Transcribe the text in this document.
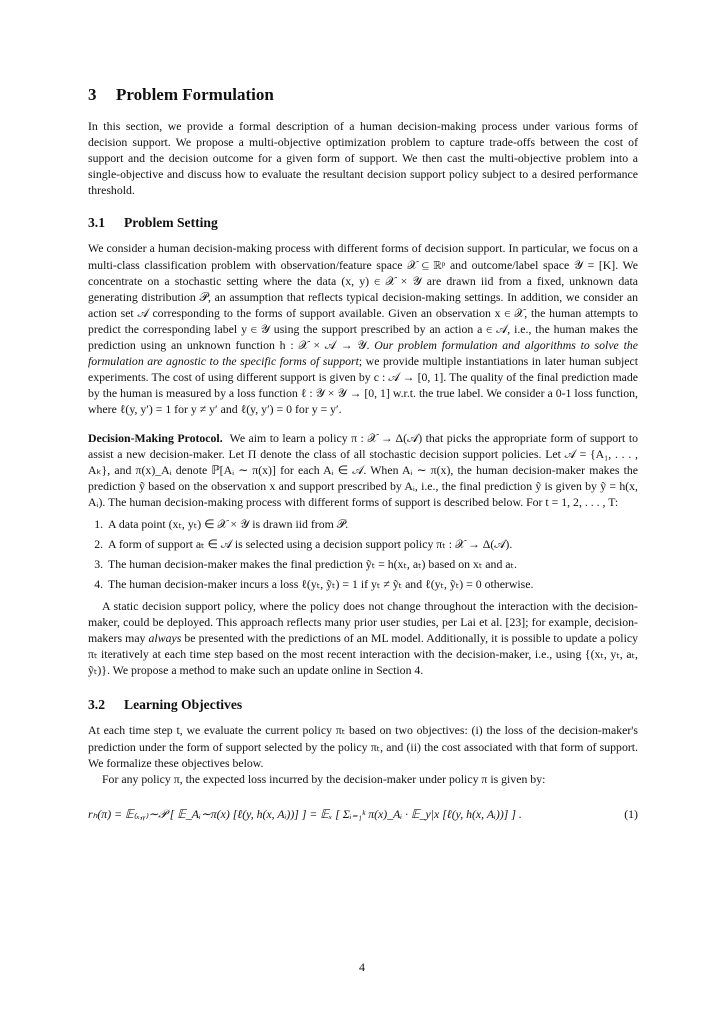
3 Problem Formulation

In this section, we provide a formal description of a human decision-making process under various forms of decision support. We propose a multi-objective optimization problem to capture trade-offs between the cost of support and the decision outcome for a given form of support. We then cast the multi-objective problem into a single-objective and discuss how to evaluate the resultant decision support policy subject to a desired performance threshold.

3.1 Problem Setting

We consider a human decision-making process with different forms of decision support. In particular, we focus on a multi-class classification problem with observation/feature space 𝒳 ⊆ ℝᵖ and outcome/label space 𝒴 = [K]. We concentrate on a stochastic setting where the data (x, y) ∈ 𝒳 × 𝒴 are drawn iid from a fixed, unknown data generating distribution 𝒫, an assumption that reflects typical decision-making settings. In addition, we consider an action set 𝒜 corresponding to the forms of support available. Given an observation x ∈ 𝒳, the human attempts to predict the corresponding label y ∈ 𝒴 using the support prescribed by an action a ∈ 𝒜, i.e., the human makes the prediction using an unknown function h : 𝒳 × 𝒜 → 𝒴. Our problem formulation and algorithms to solve the formulation are agnostic to the specific forms of support; we provide multiple instantiations in later human subject experiments. The cost of using different support is given by c : 𝒜 → [0, 1]. The quality of the final prediction made by the human is measured by a loss function ℓ : 𝒴 × 𝒴 → [0, 1] w.r.t. the true label. We consider a 0-1 loss function, where ℓ(y, y′) = 1 for y ≠ y′ and ℓ(y, y′) = 0 for y = y′.

Decision-Making Protocol. We aim to learn a policy π : 𝒳 → Δ(𝒜) that picks the appropriate form of support to assist a new decision-maker. Let Π denote the class of all stochastic decision support policies. Let 𝒜 = {A₁, . . . , Aₖ}, and π(x)_Aᵢ denote ℙ[Aᵢ ∼ π(x)] for each Aᵢ ∈ 𝒜. When Aᵢ ∼ π(x), the human decision-maker makes the prediction ỹ based on the observation x and support prescribed by Aᵢ, i.e., the final prediction ỹ is given by ỹ = h(x, Aᵢ). The human decision-making process with different forms of support is described below. For t = 1, 2, . . . , T:

1. A data point (xₜ, yₜ) ∈ 𝒳 × 𝒴 is drawn iid from 𝒫.
2. A form of support aₜ ∈ 𝒜 is selected using a decision support policy πₜ : 𝒳 → Δ(𝒜).
3. The human decision-maker makes the final prediction ỹₜ = h(xₜ, aₜ) based on xₜ and aₜ.
4. The human decision-maker incurs a loss ℓ(yₜ, ỹₜ) = 1 if yₜ ≠ ỹₜ and ℓ(yₜ, ỹₜ) = 0 otherwise.

A static decision support policy, where the policy does not change throughout the interaction with the decision-maker, could be deployed. This approach reflects many prior user studies, per Lai et al. [23]; for example, decision-makers may always be presented with the predictions of an ML model. Additionally, it is possible to update a policy πₜ iteratively at each time step based on the most recent interaction with the decision-maker, i.e., using {(xₜ, yₜ, aₜ, ỹₜ)}. We propose a method to make such an update online in Section 4.

3.2 Learning Objectives

At each time step t, we evaluate the current policy πₜ based on two objectives: (i) the loss of the decision-maker's prediction under the form of support selected by the policy πₜ, and (ii) the cost associated with that form of support. We formalize these objectives below.

For any policy π, the expected loss incurred by the decision-maker under policy π is given by:

rₕ(π) = 𝔼₍ₓ,ᵧ₎∼𝒫 [ 𝔼_Aᵢ∼π(x) [ℓ(y, h(x, Aᵢ))] ] = 𝔼ₓ [ Σᵢ₌₁ᵏ π(x)_Aᵢ · 𝔼_y|x [ℓ(y, h(x, Aᵢ))] ] .	(1)
4
